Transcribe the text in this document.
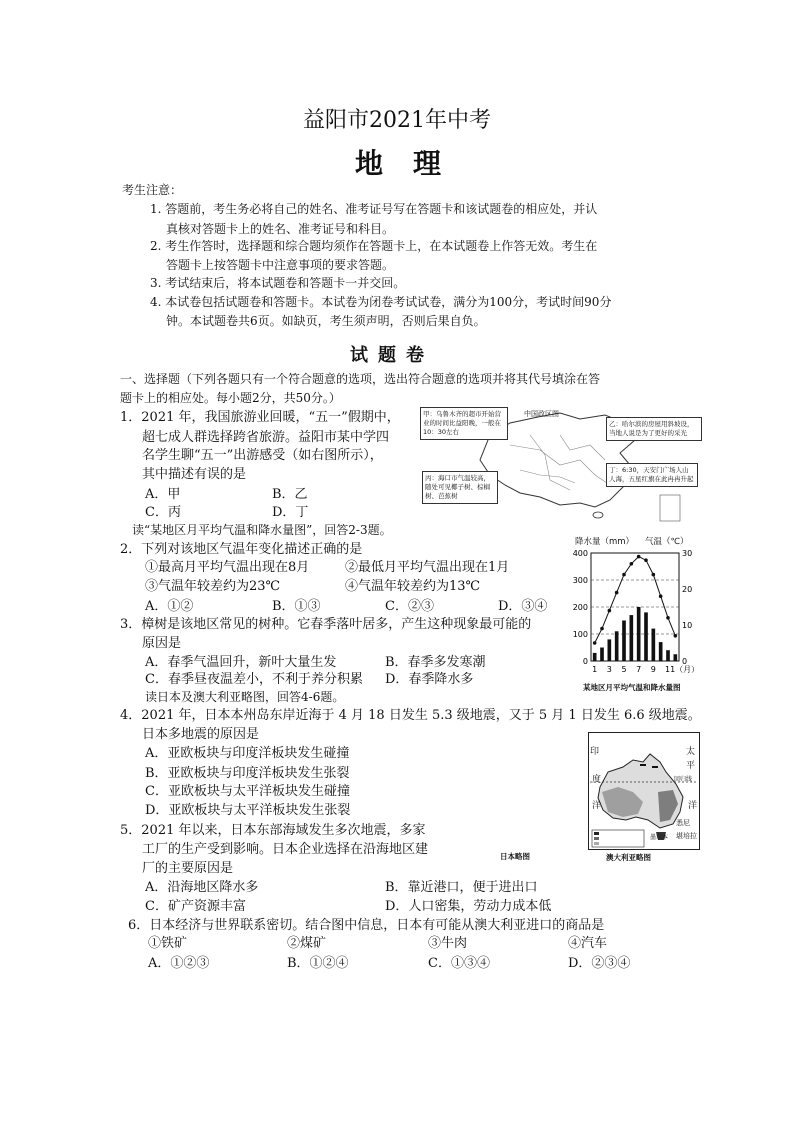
益阳市2021年中考
地理
考生注意：
1. 答题前，考生务必将自己的姓名、准考证号写在答题卡和该试题卷的相应处，并认
真核对答题卡上的姓名、准考证号和科目。
2. 考生作答时，选择题和综合题均须作在答题卡上，在本试题卷上作答无效。考生在
答题卡上按答题卡中注意事项的要求答题。
3. 考试结束后，将本试题卷和答题卡一并交回。
4. 本试卷包括试题卷和答题卡。本试卷为闭卷考试试卷，满分为100分，考试时间90分
钟。本试题卷共6页。如缺页，考生须声明，否则后果自负。
试题卷
一、选择题（下列各题只有一个符合题意的选项，选出符合题意的选项并将其代号填涂在答
题卡上的相应处。每小题2分，共50分。）
1．2021 年，我国旅游业回暖，“五一”假期中，
超七成人群选择跨省旅游。益阳市某中学四
名学生聊“五一”出游感受（如右图所示），
其中描述有误的是
A．甲	B．乙
C．丙	D．丁
中国政区图
甲：乌鲁木齐的超市开始营业的时间比益阳晚，一般在10：30左右
乙：哈尔滨的房屋用斜坡设，当地人说是为了更好的采光
丙：海口市气温较高，随处可见椰子树、棕榈树、芭蕉树
丁：6:30，天安门广场人山人海，五星红旗在此冉冉升起
读“某地区月平均气温和降水量图”，回答2-3题。
2．下列对该地区气温年变化描述正确的是
①最高月平均气温出现在8月	②最低月平均气温出现在1月
③气温年较差约为23℃	④气温年较差约为13℃
A．①②	B．①③	C．②③	D．③④
3．樟树是该地区常见的树种。它春季落叶居多，产生这种现象最可能的
原因是
A．春季气温回升，新叶大量生发	B．春季多发寒潮
C．春季昼夜温差小，不利于养分积累 D．春季降水多
降水量（mm） 气温（℃）
400
300
200
100
0
30
20
10
0
1 3 5 7 9 11（月）
某地区月平均气温和降水量图
读日本及澳大利亚略图，回答4-6题。
4．2021 年，日本本州岛东岸近海于 4 月 18 日发生 5.3 级地震，又于 5 月 1 日发生 6.6 级地震。
日本多地震的原因是
A．亚欧板块与印度洋板块发生碰撞
B．亚欧板块与印度洋板块发生张裂
C．亚欧板块与太平洋板块发生碰撞
D．亚欧板块与太平洋板块发生张裂
印
度
洋
太
平
洋
回归线
悉尼
墨尔本 堪培拉
澳大利亚略图
5．2021 年以来，日本东部海域发生多次地震，多家
工厂的生产受到影响。日本企业选择在沿海地区建	日本略图
厂的主要原因是
A．沿海地区降水多	B．靠近港口，便于进出口
C．矿产资源丰富	D．人口密集，劳动力成本低
6．日本经济与世界联系密切。结合图中信息，日本有可能从澳大利亚进口的商品是
①铁矿	②煤矿	③牛肉	④汽车
A．①②③	B．①②④	C．①③④	D．②③④
